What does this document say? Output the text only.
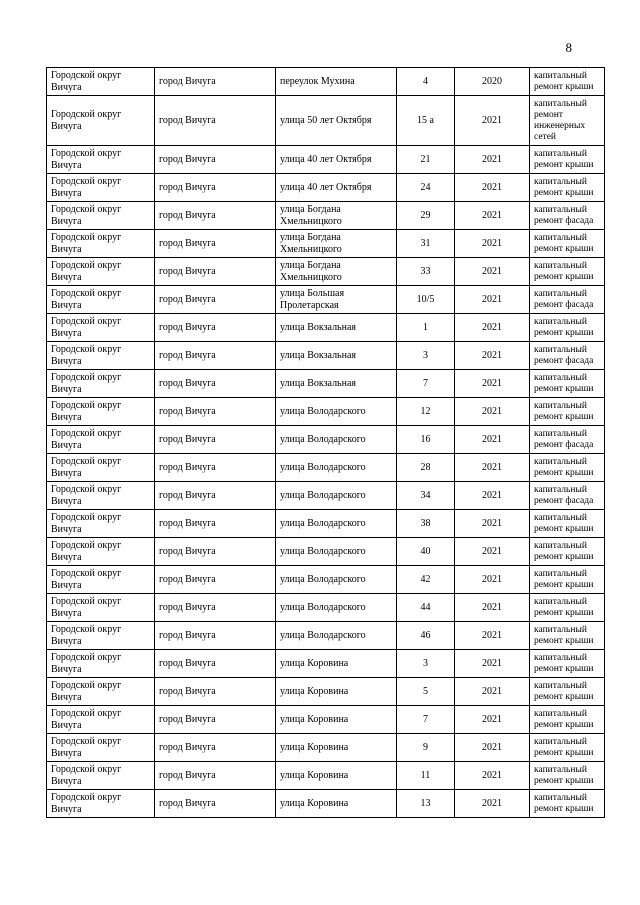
8
Городской округ Вичуга	город Вичуга	переулок Мухина	4	2020	капитальный ремонт крыши
Городской округ Вичуга	город Вичуга	улица 50 лет Октября	15 а	2021	капитальный ремонт инженерных сетей
Городской округ Вичуга	город Вичуга	улица 40 лет Октября	21	2021	капитальный ремонт крыши
Городской округ Вичуга	город Вичуга	улица 40 лет Октября	24	2021	капитальный ремонт крыши
Городской округ Вичуга	город Вичуга	улица Богдана Хмельницкого	29	2021	капитальный ремонт фасада
Городской округ Вичуга	город Вичуга	улица Богдана Хмельницкого	31	2021	капитальный ремонт крыши
Городской округ Вичуга	город Вичуга	улица Богдана Хмельницкого	33	2021	капитальный ремонт крыши
Городской округ Вичуга	город Вичуга	улица Большая Пролетарская	10/5	2021	капитальный ремонт фасада
Городской округ Вичуга	город Вичуга	улица Вокзальная	1	2021	капитальный ремонт крыши
Городской округ Вичуга	город Вичуга	улица Вокзальная	3	2021	капитальный ремонт фасада
Городской округ Вичуга	город Вичуга	улица Вокзальная	7	2021	капитальный ремонт крыши
Городской округ Вичуга	город Вичуга	улица Володарского	12	2021	капитальный ремонт крыши
Городской округ Вичуга	город Вичуга	улица Володарского	16	2021	капитальный ремонт фасада
Городской округ Вичуга	город Вичуга	улица Володарского	28	2021	капитальный ремонт крыши
Городской округ Вичуга	город Вичуга	улица Володарского	34	2021	капитальный ремонт фасада
Городской округ Вичуга	город Вичуга	улица Володарского	38	2021	капитальный ремонт крыши
Городской округ Вичуга	город Вичуга	улица Володарского	40	2021	капитальный ремонт крыши
Городской округ Вичуга	город Вичуга	улица Володарского	42	2021	капитальный ремонт крыши
Городской округ Вичуга	город Вичуга	улица Володарского	44	2021	капитальный ремонт крыши
Городской округ Вичуга	город Вичуга	улица Володарского	46	2021	капитальный ремонт крыши
Городской округ Вичуга	город Вичуга	улица Коровина	3	2021	капитальный ремонт крыши
Городской округ Вичуга	город Вичуга	улица Коровина	5	2021	капитальный ремонт крыши
Городской округ Вичуга	город Вичуга	улица Коровина	7	2021	капитальный ремонт крыши
Городской округ Вичуга	город Вичуга	улица Коровина	9	2021	капитальный ремонт крыши
Городской округ Вичуга	город Вичуга	улица Коровина	11	2021	капитальный ремонт крыши
Городской округ Вичуга	город Вичуга	улица Коровина	13	2021	капитальный ремонт крыши
